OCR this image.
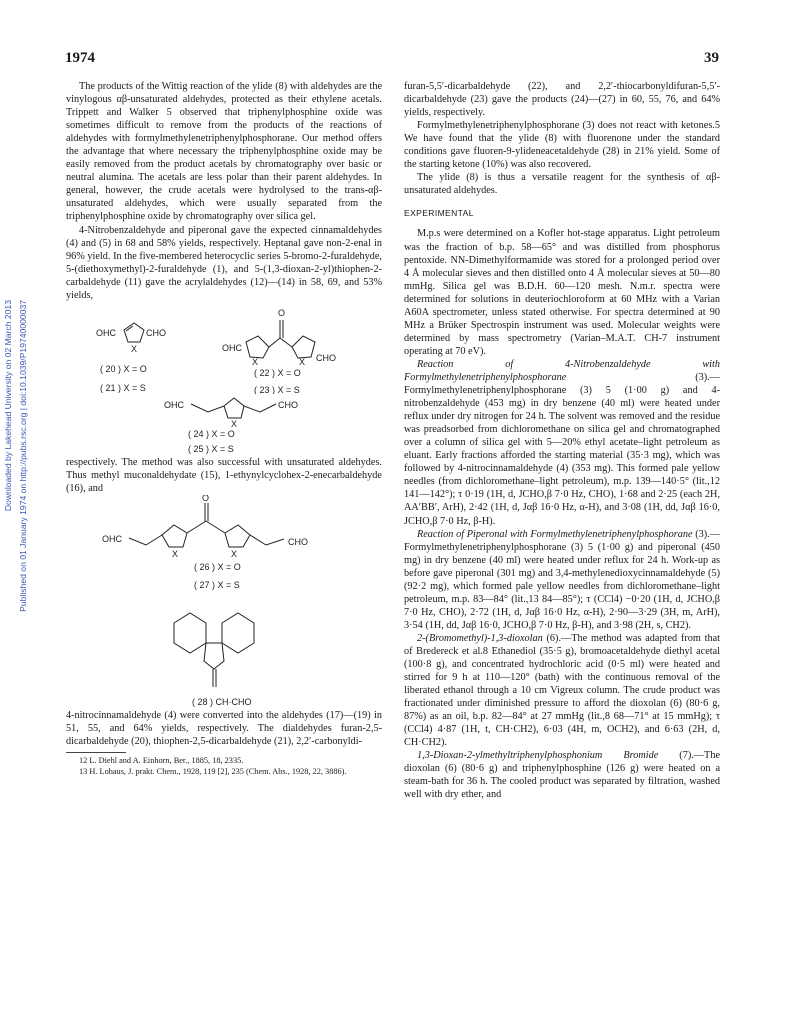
1974	39
Published on 01 January 1974 on http://pubs.rsc.org | doi:10.1039/P19740000037
Downloaded by Lakehead University on 02 March 2013

The products of the Wittig reaction of the ylide (8) with aldehydes are the vinylogous αβ-unsaturated aldehydes, protected as their ethylene acetals. Trippett and Walker 5 observed that triphenylphosphine oxide was sometimes difficult to remove from the products of the reactions of aldehydes with formylmethylenetriphenylphosphorane. Our method offers the advantage that where necessary the triphenylphosphine oxide may be easily removed from the product acetals by chromatography over basic or neutral alumina. The acetals are less polar than their parent aldehydes. In general, however, the crude acetals were hydrolysed to the trans-αβ-unsaturated aldehydes, which were usually separated from the triphenylphosphine oxide by chromatography over silica gel.

4-Nitrobenzaldehyde and piperonal gave the expected cinnamaldehydes (4) and (5) in 68 and 58% yields, respectively. Heptanal gave non-2-enal in 96% yield. In the five-membered heterocyclic series 5-bromo-2-furaldehyde, 5-(diethoxymethyl)-2-furaldehyde (1), and 5-(1,3-dioxan-2-yl)thiophen-2-carbaldehyde (11) gave the acrylaldehydes (12)—(14) in 58, 69, and 53% yields,

OHC	CHO
X
O
OHC
CHO
X	X
( 20 ) X = O
( 21 ) X = S
( 22 ) X = O
( 23 ) X = S
OHC	CHO
X
( 24 ) X = O
( 25 ) X = S

respectively. The method was also successful with unsaturated aldehydes. Thus methyl muconaldehydate (15), 1-ethynylcyclohex-2-enecarbaldehyde (16), and

O
OHC	CHO
X	X
( 26 ) X = O
( 27 ) X = S
( 28 ) CH·CHO

4-nitrocinnamaldehyde (4) were converted into the aldehydes (17)—(19) in 51, 55, and 64% yields, respectively. The dialdehydes furan-2,5-dicarbaldehyde (20), thiophen-2,5-dicarbaldehyde (21), 2,2′-carbonyldi-

12 L. Diehl and A. Einhorn, Ber., 1885, 18, 2335.

13 H. Lohaus, J. prakt. Chem., 1928, 119 [2], 235 (Chem. Abs., 1928, 22, 3886).

furan-5,5′-dicarbaldehyde (22), and 2,2′-thiocarbonyldifuran-5,5′-dicarbaldehyde (23) gave the products (24)—(27) in 60, 55, 76, and 64% yields, respectively.

Formylmethylenetriphenylphosphorane (3) does not react with ketones.5 We have found that the ylide (8) with fluorenone under the standard conditions gave fluoren-9-ylideneacetaldehyde (28) in 21% yield. Some of the starting ketone (10%) was also recovered.

The ylide (8) is thus a versatile reagent for the synthesis of αβ-unsaturated aldehydes.

EXPERIMENTAL

M.p.s were determined on a Kofler hot-stage apparatus. Light petroleum was the fraction of b.p. 58—65° and was distilled from phosphorus pentoxide. NN-Dimethylformamide was stored for a prolonged period over 4 Å molecular sieves and then distilled onto 4 Å molecular sieves at 50—80 mmHg. Silica gel was B.D.H. 60—120 mesh. N.m.r. spectra were determined for solutions in deuteriochloroform at 60 MHz with a Varian A60A spectrometer, unless stated otherwise. For spectra determined at 90 MHz a Brüker Spectrospin instrument was used. Molecular weights were determined by mass spectrometry (Varian–M.A.T. CH-7 instrument operating at 70 eV).

Reaction of 4-Nitrobenzaldehyde with Formylmethylenetriphenylphosphorane (3).—Formylmethylenetriphenylphosphorane (3) 5 (1·00 g) and 4-nitrobenzaldehyde (453 mg) in dry benzene (40 ml) were heated under reflux under dry nitrogen for 24 h. The solvent was removed and the residue was preadsorbed from dichloromethane on silica gel and chromatographed over a column of silica gel with 5—20% ethyl acetate–light petroleum as eluant. Early fractions afforded the starting material (35·3 mg), which was followed by 4-nitrocinnamaldehyde (4) (353 mg). This formed pale yellow needles (from dichloromethane–light petroleum), m.p. 139—140·5° (lit.,12 141—142°); τ 0·19 (1H, d, JCHO,β 7·0 Hz, CHO), 1·68 and 2·25 (each 2H, AA′BB′, ArH), 2·42 (1H, d, Jαβ 16·0 Hz, α-H), and 3·08 (1H, dd, Jαβ 16·0, JCHO,β 7·0 Hz, β-H).

Reaction of Piperonal with Formylmethylenetriphenylphosphorane (3).—Formylmethylenetriphenylphosphorane (3) 5 (1·00 g) and piperonal (450 mg) in dry benzene (40 ml) were heated under reflux for 24 h. Work-up as before gave piperonal (301 mg) and 3,4-methylenedioxycinnamaldehyde (5) (92·2 mg), which formed pale yellow needles from dichloromethane–light petroleum, m.p. 83—84° (lit.,13 84—85°); τ (CCl4) −0·20 (1H, d, JCHO,β 7·0 Hz, CHO), 2·72 (1H, d, Jαβ 16·0 Hz, α-H), 2·90—3·29 (3H, m, ArH), 3·54 (1H, dd, Jαβ 16·0, JCHO,β 7·0 Hz, β-H), and 3·98 (2H, s, CH2).

2-(Bromomethyl)-1,3-dioxolan (6).—The method was adapted from that of Bredereck et al.8 Ethanediol (35·5 g), bromoacetaldehyde diethyl acetal (100·8 g), and concentrated hydrochloric acid (0·5 ml) were heated and stirred for 9 h at 110—120° (bath) with the continuous removal of the liberated ethanol through a 10 cm Vigreux column. The crude product was fractionated under diminished pressure to afford the dioxolan (6) (80·6 g, 87%) as an oil, b.p. 82—84° at 27 mmHg (lit.,8 68—71° at 15 mmHg); τ (CCl4) 4·87 (1H, t, CH·CH2), 6·03 (4H, m, OCH2), and 6·63 (2H, d, CH·CH2).

1,3-Dioxan-2-ylmethyltriphenylphosphonium Bromide (7).—The dioxolan (6) (80·6 g) and triphenylphosphine (126 g) were heated on a steam-bath for 36 h. The cooled product was separated by filtration, washed well with dry ether, and
